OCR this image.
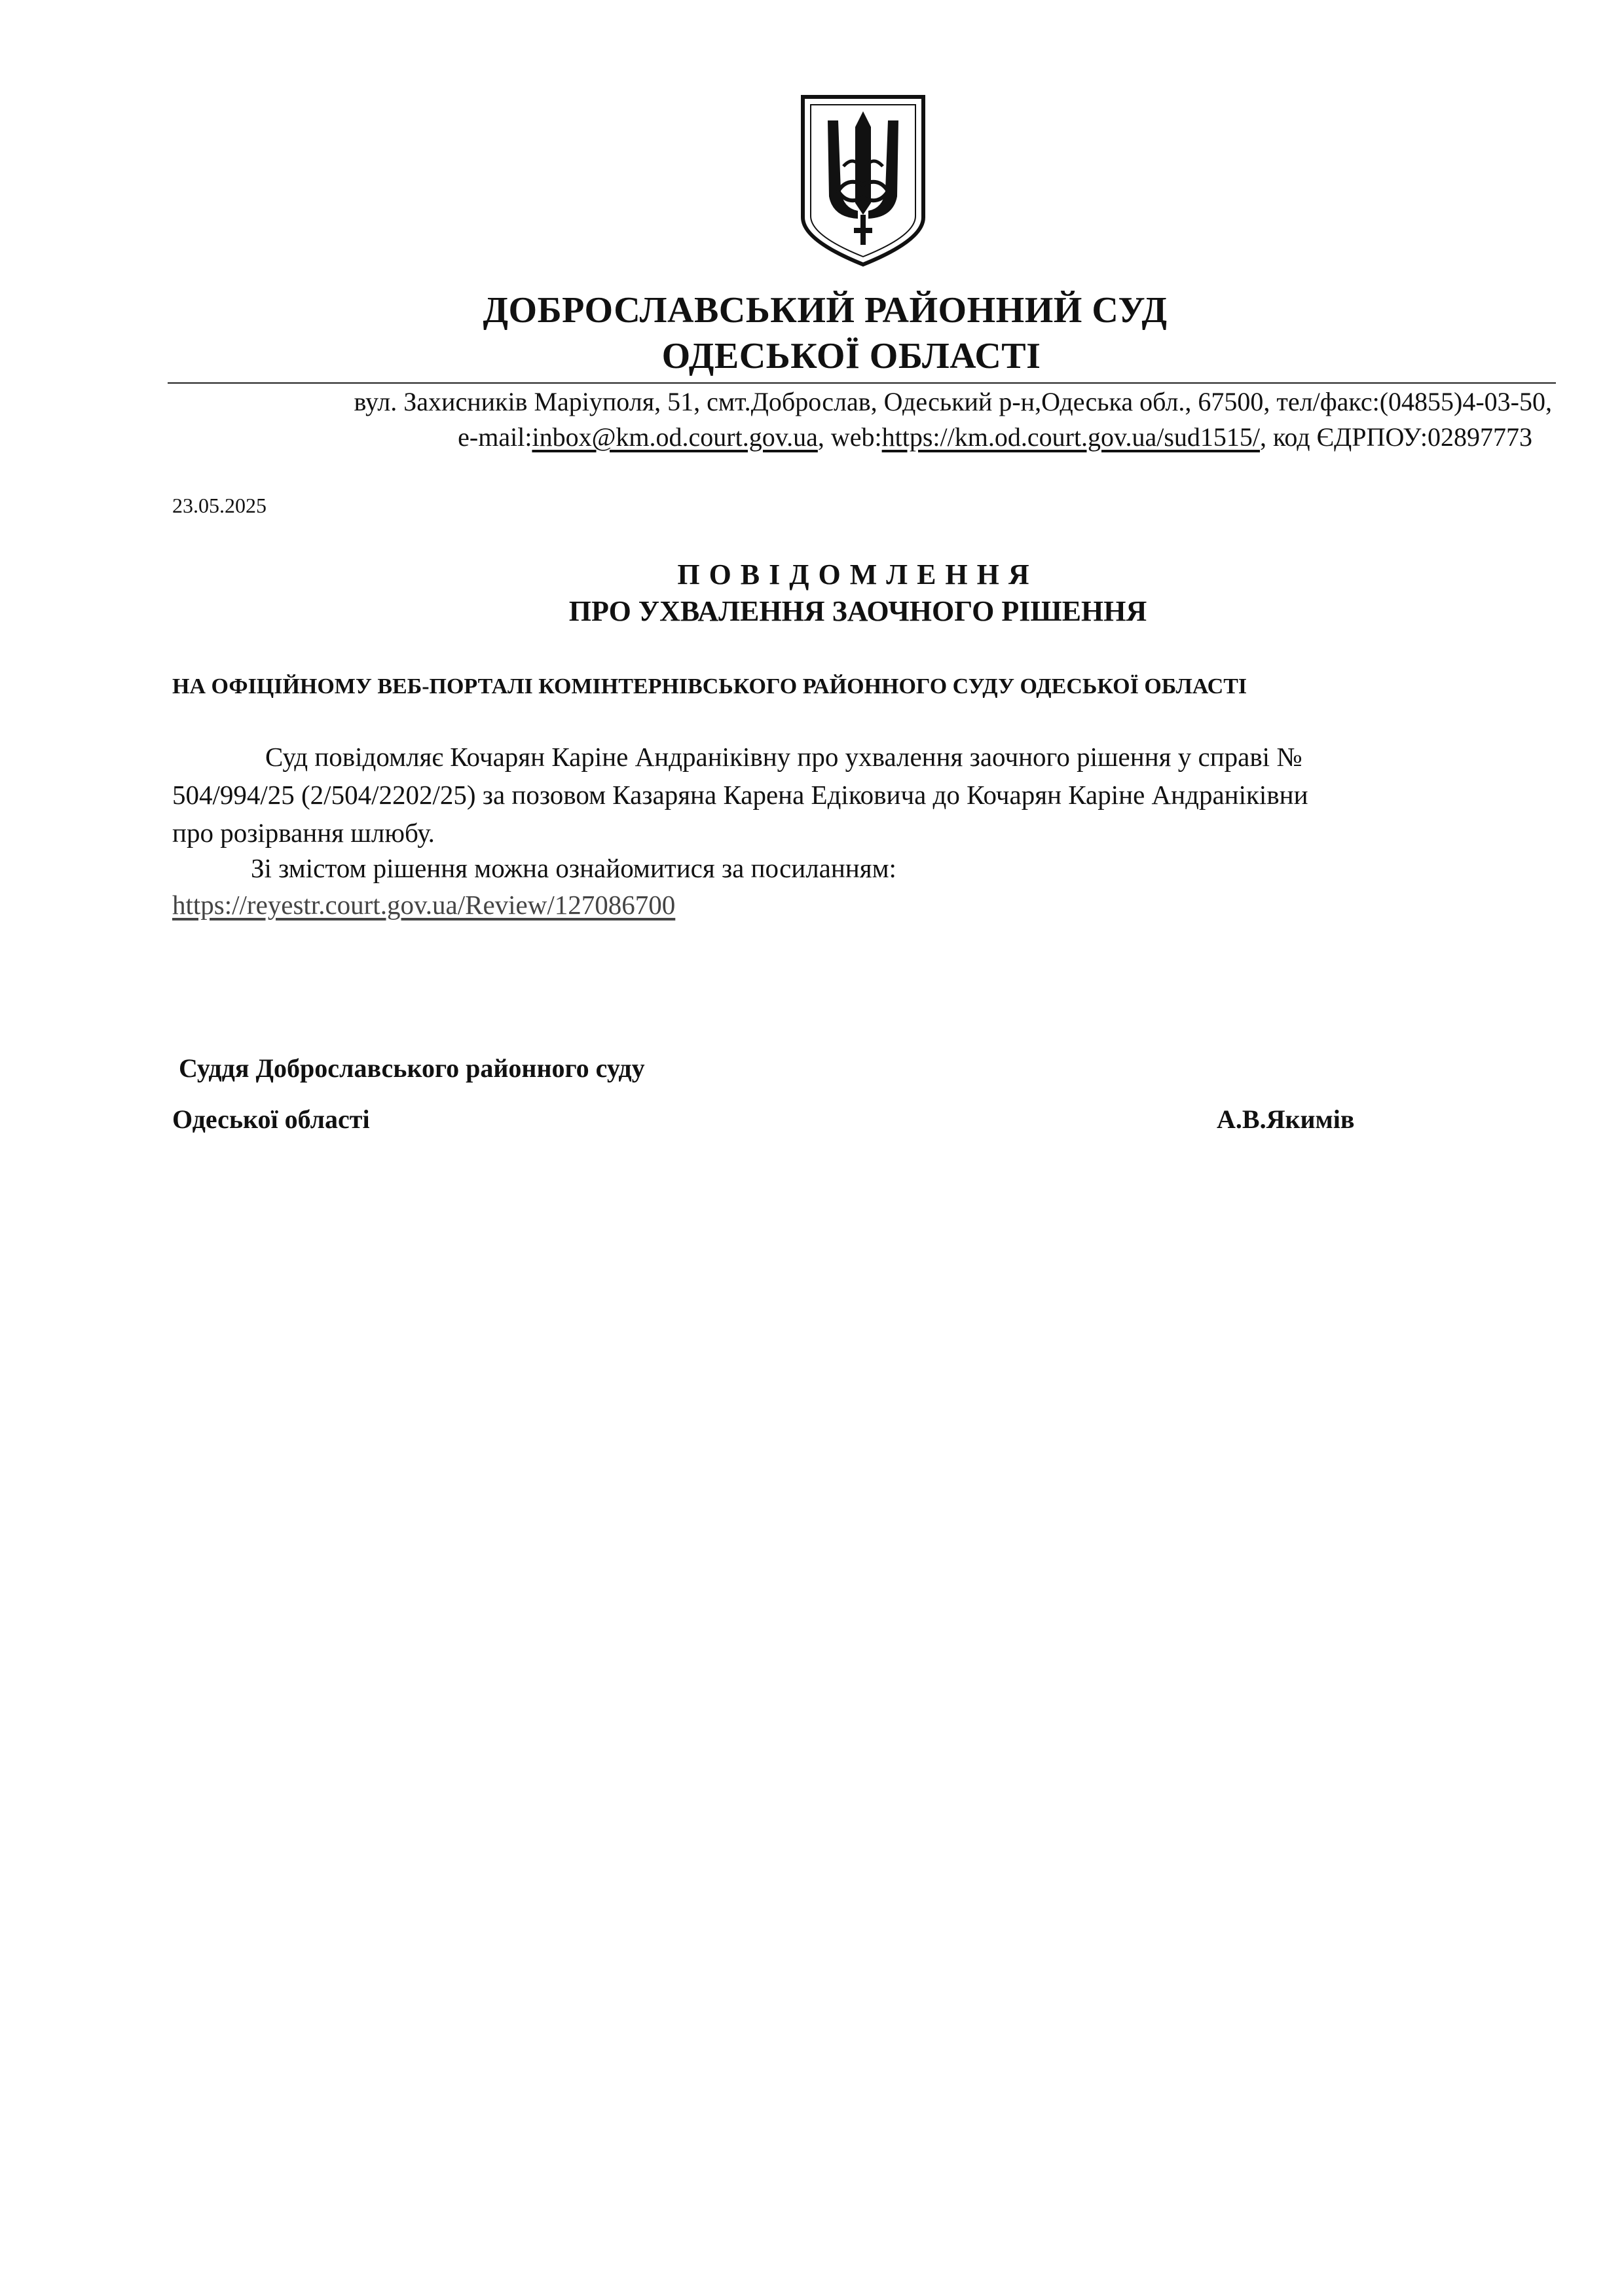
ДОБРОСЛАВСЬКИЙ РАЙОННИЙ СУД
ОДЕСЬКОЇ ОБЛАСТІ
вул. Захисників Маріуполя, 51, смт.Доброслав, Одеський р-н,Одеська обл., 67500, тел/факс:(04855)4-03-50,
e-mail:inbox@km.od.court.gov.ua, web:https://km.od.court.gov.ua/sud1515/, код ЄДРПОУ:02897773
23.05.2025
ПОВІДОМЛЕННЯ
ПРО УХВАЛЕННЯ ЗАОЧНОГО РІШЕННЯ
НА ОФІЦІЙНОМУ ВЕБ-ПОРТАЛІ КОМІНТЕРНІВСЬКОГО РАЙОННОГО СУДУ ОДЕСЬКОЇ ОБЛАСТІ
Суд повідомляє Кочарян Каріне Андранiкiвну про ухвалення заочного рішення у справі №
504/994/25 (2/504/2202/25) за позовом Казаряна Карена Едiковича до Кочарян Каріне Андранiкiвни
про розірвання шлюбу.
Зі змістом рішення можна ознайомитися за посиланням:
https://reyestr.court.gov.ua/Review/127086700
Суддя Доброславського районного суду
Одеської області	А.В.Якимів
